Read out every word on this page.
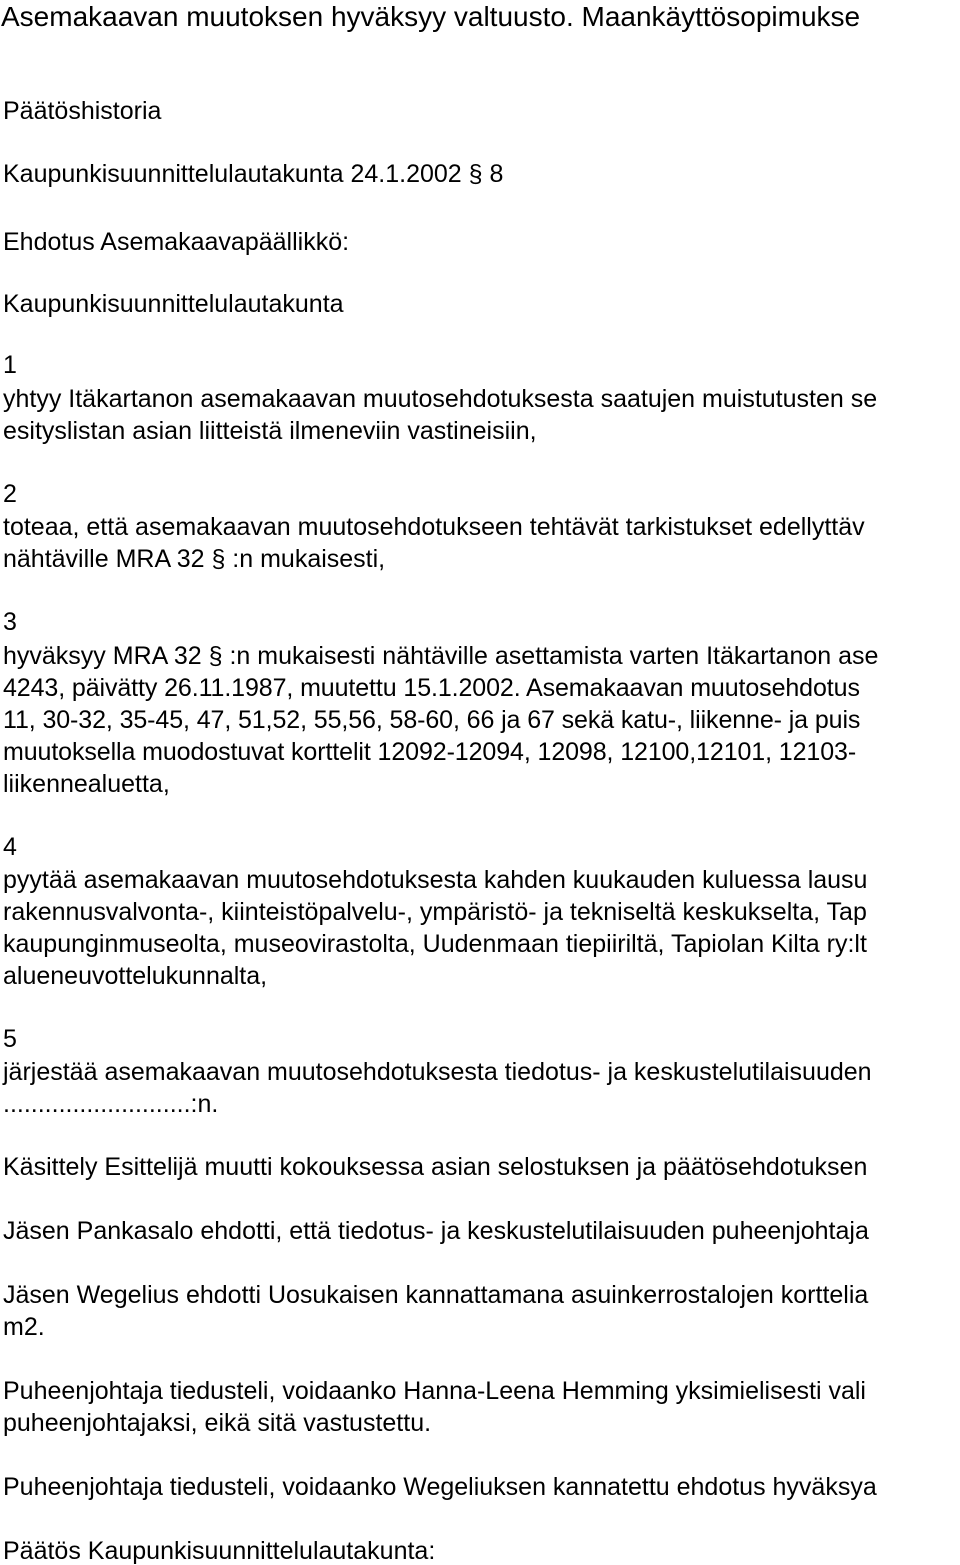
Asemakaavan muutoksen hyväksyy valtuusto. Maankäyttösopimukse
Päätöshistoria
Kaupunkisuunnittelulautakunta 24.1.2002 § 8
Ehdotus Asemakaavapäällikkö:
Kaupunkisuunnittelulautakunta
1
yhtyy Itäkartanon asemakaavan muutosehdotuksesta saatujen muistutusten se
esityslistan asian liitteistä ilmeneviin vastineisiin,
2
toteaa, että asemakaavan muutosehdotukseen tehtävät tarkistukset edellyttäv
nähtäville MRA 32 § :n mukaisesti,
3
hyväksyy MRA 32 § :n mukaisesti nähtäville asettamista varten Itäkartanon ase
4243, päivätty 26.11.1987, muutettu 15.1.2002. Asemakaavan muutosehdotus
11, 30-32, 35-45, 47, 51,52, 55,56, 58-60, 66 ja 67 sekä katu-, liikenne- ja puis
muutoksella muodostuvat korttelit 12092-12094, 12098, 12100,12101, 12103-
liikennealuetta,
4
pyytää asemakaavan muutosehdotuksesta kahden kuukauden kuluessa lausu
rakennusvalvonta-, kiinteistöpalvelu-, ympäristö- ja tekniseltä keskukselta, Tap
kaupunginmuseolta, museovirastolta, Uudenmaan tiepiiriltä, Tapiolan Kilta ry:lt
alueneuvottelukunnalta,
5
järjestää asemakaavan muutosehdotuksesta tiedotus- ja keskustelutilaisuuden
...........................:n.
Käsittely Esittelijä muutti kokouksessa asian selostuksen ja päätösehdotuksen
Jäsen Pankasalo ehdotti, että tiedotus- ja keskustelutilaisuuden puheenjohtaja
Jäsen Wegelius ehdotti Uosukaisen kannattamana asuinkerrostalojen korttelia
m2.
Puheenjohtaja tiedusteli, voidaanko Hanna-Leena Hemming yksimielisesti vali
puheenjohtajaksi, eikä sitä vastustettu.
Puheenjohtaja tiedusteli, voidaanko Wegeliuksen kannatettu ehdotus hyväksya
Päätös Kaupunkisuunnittelulautakunta:
